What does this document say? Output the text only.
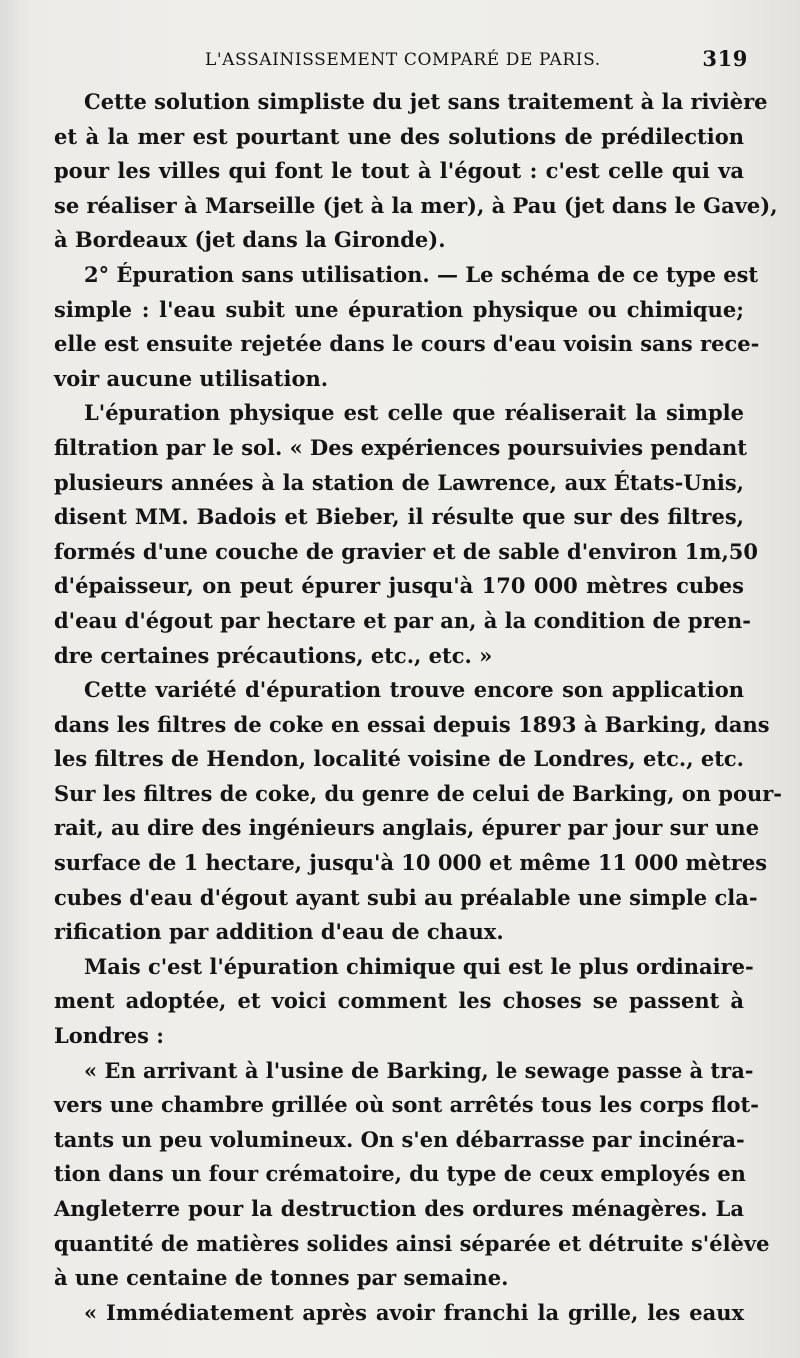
L'ASSAINISSEMENT COMPARÉ DE PARIS.	319
Cette solution simpliste du jet sans traitement à la rivière
et à la mer est pourtant une des solutions de prédilection
pour les villes qui font le tout à l'égout : c'est celle qui va
se réaliser à Marseille (jet à la mer), à Pau (jet dans le Gave),
à Bordeaux (jet dans la Gironde).
2° Épuration sans utilisation. — Le schéma de ce type est
simple : l'eau subit une épuration physique ou chimique;
elle est ensuite rejetée dans le cours d'eau voisin sans rece-
voir aucune utilisation.
L'épuration physique est celle que réaliserait la simple
filtration par le sol. « Des expériences poursuivies pendant
plusieurs années à la station de Lawrence, aux États-Unis,
disent MM. Badois et Bieber, il résulte que sur des filtres,
formés d'une couche de gravier et de sable d'environ 1m,50
d'épaisseur, on peut épurer jusqu'à 170 000 mètres cubes
d'eau d'égout par hectare et par an, à la condition de pren-
dre certaines précautions, etc., etc. »
Cette variété d'épuration trouve encore son application
dans les filtres de coke en essai depuis 1893 à Barking, dans
les filtres de Hendon, localité voisine de Londres, etc., etc.
Sur les filtres de coke, du genre de celui de Barking, on pour-
rait, au dire des ingénieurs anglais, épurer par jour sur une
surface de 1 hectare, jusqu'à 10 000 et même 11 000 mètres
cubes d'eau d'égout ayant subi au préalable une simple cla-
rification par addition d'eau de chaux.
Mais c'est l'épuration chimique qui est le plus ordinaire-
ment adoptée, et voici comment les choses se passent à
Londres :
« En arrivant à l'usine de Barking, le sewage passe à tra-
vers une chambre grillée où sont arrêtés tous les corps flot-
tants un peu volumineux. On s'en débarrasse par incinéra-
tion dans un four crématoire, du type de ceux employés en
Angleterre pour la destruction des ordures ménagères. La
quantité de matières solides ainsi séparée et détruite s'élève
à une centaine de tonnes par semaine.
« Immédiatement après avoir franchi la grille, les eaux
